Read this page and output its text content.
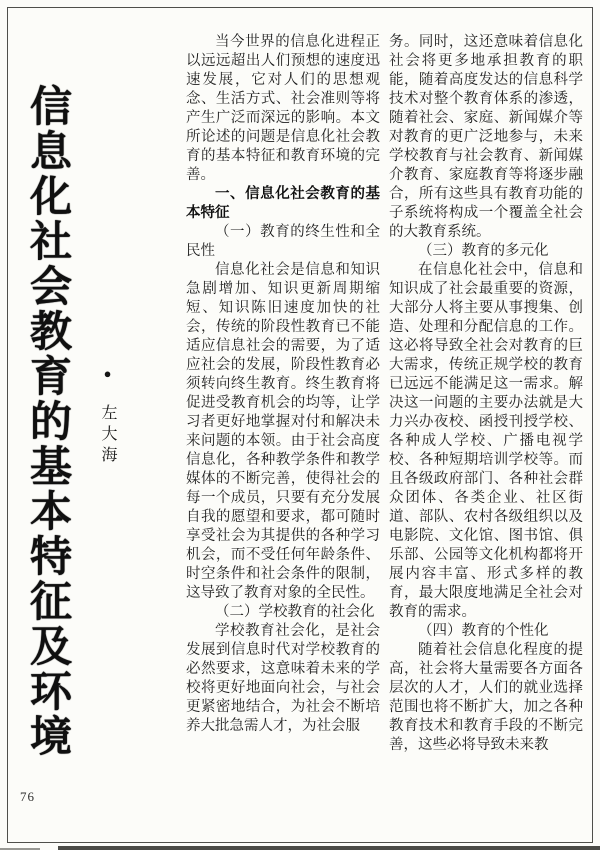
信息化社会教育的基本特征及环境 ● 左大海

当今世界的信息化进程正以远远超出人们预想的速度迅速发展，它对人们的思想观念、生活方式、社会准则等将产生广泛而深远的影响。本文所论述的问题是信息化社会教育的基本特征和教育环境的完善。

一、信息化社会教育的基本特征

（一）教育的终生性和全民性

信息化社会是信息和知识急剧增加、知识更新周期缩短、知识陈旧速度加快的社会，传统的阶段性教育已不能适应信息社会的需要，为了适应社会的发展，阶段性教育必须转向终生教育。终生教育将促进受教育机会的均等，让学习者更好地掌握对付和解决未来问题的本领。由于社会高度信息化，各种教学条件和教学媒体的不断完善，使得社会的每一个成员，只要有充分发展自我的愿望和要求，都可随时享受社会为其提供的各种学习机会，而不受任何年龄条件、时空条件和社会条件的限制，这导致了教育对象的全民性。

（二）学校教育的社会化

学校教育社会化，是社会发展到信息时代对学校教育的必然要求，这意味着未来的学校将更好地面向社会，与社会更紧密地结合，为社会不断培养大批急需人才，为社会服

务。同时，这还意味着信息化社会将更多地承担教育的职能，随着高度发达的信息科学技术对整个教育体系的渗透，随着社会、家庭、新闻媒介等对教育的更广泛地参与，未来学校教育与社会教育、新闻媒介教育、家庭教育等将逐步融合，所有这些具有教育功能的子系统将构成一个覆盖全社会的大教育系统。

（三）教育的多元化

在信息化社会中，信息和知识成了社会最重要的资源，大部分人将主要从事搜集、创造、处理和分配信息的工作。这必将导致全社会对教育的巨大需求，传统正规学校的教育已远远不能满足这一需求。解决这一问题的主要办法就是大力兴办夜校、函授刊授学校、各种成人学校、广播电视学校、各种短期培训学校等。而且各级政府部门、各种社会群众团体、各类企业、社区街道、部队、农村各级组织以及电影院、文化馆、图书馆、俱乐部、公园等文化机构都将开展内容丰富、形式多样的教育，最大限度地满足全社会对教育的需求。

（四）教育的个性化

随着社会信息化程度的提高，社会将大量需要各方面各层次的人才，人们的就业选择范围也将不断扩大，加之各种教育技术和教育手段的不断完善，这些必将导致未来教

76
